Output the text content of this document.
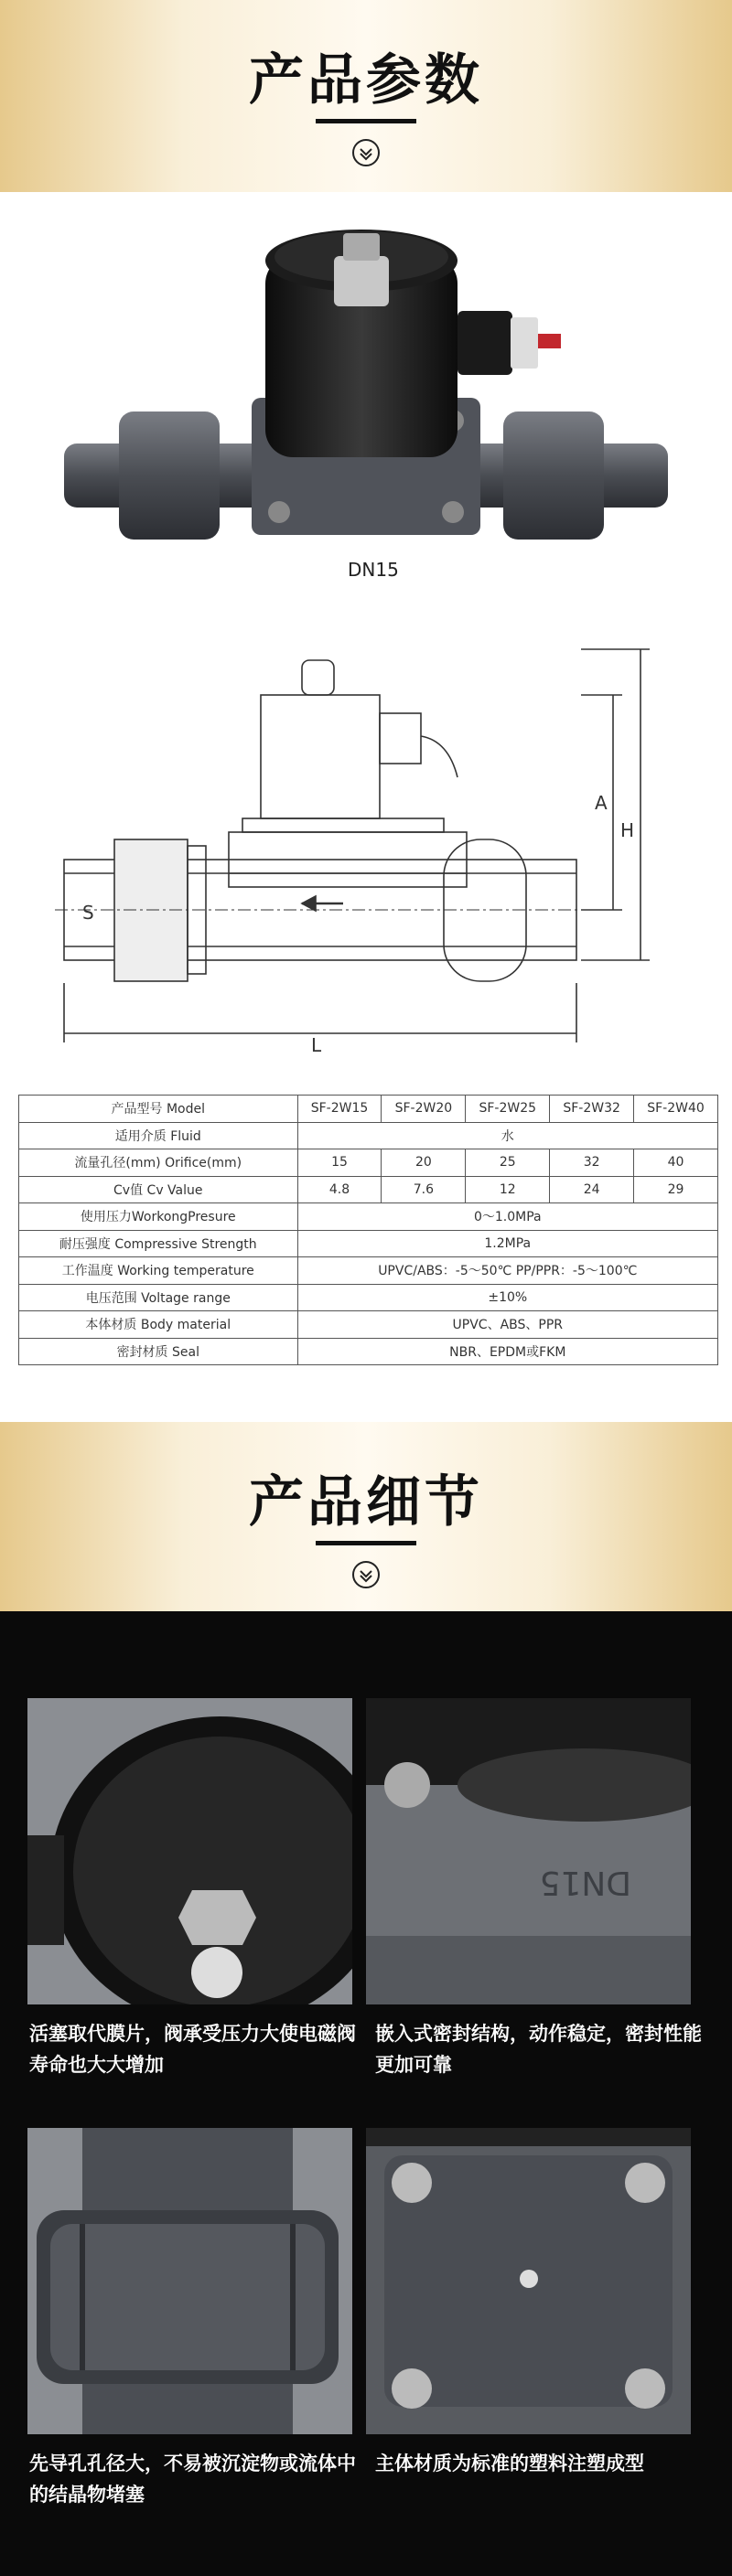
产品参数
DN15
L
A
H
S
产品型号 Model	SF-2W15	SF-2W20	SF-2W25	SF-2W32	SF-2W40
适用介质 Fluid	水				
流量孔径(mm) Orifice(mm)	15	20	25	32	40
Cv值 Cv Value	4.8	7.6	12	24	29
使用压力WorkongPresure	0～1.0MPa				
耐压强度 Compressive Strength	1.2MPa				
工作温度 Working temperature	UPVC/ABS：-5～50℃ PP/PPR：-5～100℃				
电压范围 Voltage range	±10%				
本体材质 Body material	UPVC、ABS、PPR				
密封材质 Seal	NBR、EPDM或FKM				
产品细节
活塞取代膜片，阀承受压力大使电磁阀寿命也大大增加
DN15
嵌入式密封结构，动作稳定，密封性能更加可靠
先导孔孔径大，不易被沉淀物或流体中的结晶物堵塞
主体材质为标准的塑料注塑成型
